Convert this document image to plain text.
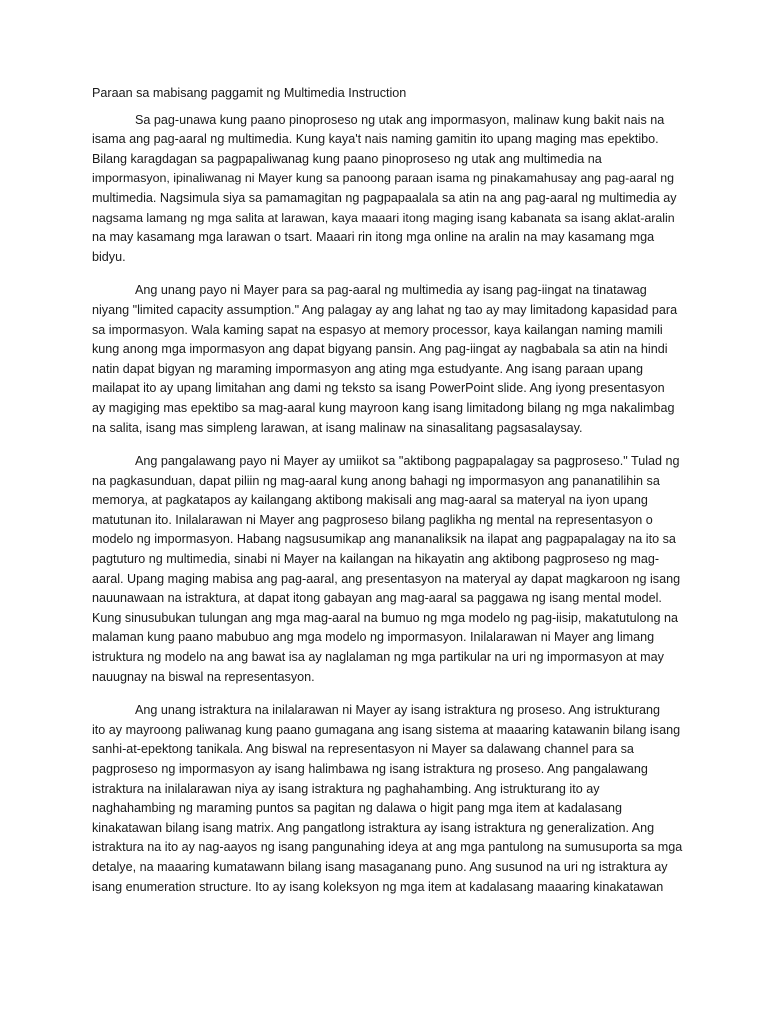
Paraan sa mabisang paggamit ng Multimedia Instruction

Sa pag-unawa kung paano pinoproseso ng utak ang impormasyon, malinaw kung bakit nais na
isama ang pag-aaral ng multimedia. Kung kaya't nais naming gamitin ito upang maging mas epektibo.
Bilang karagdagan sa pagpapaliwanag kung paano pinoproseso ng utak ang multimedia na
impormasyon, ipinaliwanag ni Mayer kung sa panoong paraan isama ng pinakamahusay ang pag-aaral ng
multimedia. Nagsimula siya sa pamamagitan ng pagpapaalala sa atin na ang pag-aaral ng multimedia ay
nagsama lamang ng mga salita at larawan, kaya maaari itong maging isang kabanata sa isang aklat-aralin
na may kasamang mga larawan o tsart. Maaari rin itong mga online na aralin na may kasamang mga
bidyu.

Ang unang payo ni Mayer para sa pag-aaral ng multimedia ay isang pag-iingat na tinatawag
niyang "limited capacity assumption." Ang palagay ay ang lahat ng tao ay may limitadong kapasidad para
sa impormasyon. Wala kaming sapat na espasyo at memory processor, kaya kailangan naming mamili
kung anong mga impormasyon ang dapat bigyang pansin. Ang pag-iingat ay nagbabala sa atin na hindi
natin dapat bigyan ng maraming impormasyon ang ating mga estudyante. Ang isang paraan upang
mailapat ito ay upang limitahan ang dami ng teksto sa isang PowerPoint slide. Ang iyong presentasyon
ay magiging mas epektibo sa mag-aaral kung mayroon kang isang limitadong bilang ng mga nakalimbag
na salita, isang mas simpleng larawan, at isang malinaw na sinasalitang pagsasalaysay.

Ang pangalawang payo ni Mayer ay umiikot sa "aktibong pagpapalagay sa pagproseso." Tulad ng
na pagkasunduan, dapat piliin ng mag-aaral kung anong bahagi ng impormasyon ang pananatilihin sa
memorya, at pagkatapos ay kailangang aktibong makisali ang mag-aaral sa materyal na iyon upang
matutunan ito. Inilalarawan ni Mayer ang pagproseso bilang paglikha ng mental na representasyon o
modelo ng impormasyon. Habang nagsusumikap ang mananaliksik na ilapat ang pagpapalagay na ito sa
pagtuturo ng multimedia, sinabi ni Mayer na kailangan na hikayatin ang aktibong pagproseso ng mag-
aaral. Upang maging mabisa ang pag-aaral, ang presentasyon na materyal ay dapat magkaroon ng isang
nauunawaan na istraktura, at dapat itong gabayan ang mag-aaral sa paggawa ng isang mental model.
Kung sinusubukan tulungan ang mga mag-aaral na bumuo ng mga modelo ng pag-iisip, makatutulong na
malaman kung paano mabubuo ang mga modelo ng impormasyon. Inilalarawan ni Mayer ang limang
istruktura ng modelo na ang bawat isa ay naglalaman ng mga partikular na uri ng impormasyon at may
nauugnay na biswal na representasyon.

Ang unang istraktura na inilalarawan ni Mayer ay isang istraktura ng proseso. Ang istrukturang
ito ay mayroong paliwanag kung paano gumagana ang isang sistema at maaaring katawanin bilang isang
sanhi-at-epektong tanikala. Ang biswal na representasyon ni Mayer sa dalawang channel para sa
pagproseso ng impormasyon ay isang halimbawa ng isang istraktura ng proseso. Ang pangalawang
istraktura na inilalarawan niya ay isang istraktura ng paghahambing. Ang istrukturang ito ay
naghahambing ng maraming puntos sa pagitan ng dalawa o higit pang mga item at kadalasang
kinakatawan bilang isang matrix. Ang pangatlong istraktura ay isang istraktura ng generalization. Ang
istraktura na ito ay nag-aayos ng isang pangunahing ideya at ang mga pantulong na sumusuporta sa mga
detalye, na maaaring kumatawann bilang isang masaganang puno. Ang susunod na uri ng istraktura ay
isang enumeration structure. Ito ay isang koleksyon ng mga item at kadalasang maaaring kinakatawan
